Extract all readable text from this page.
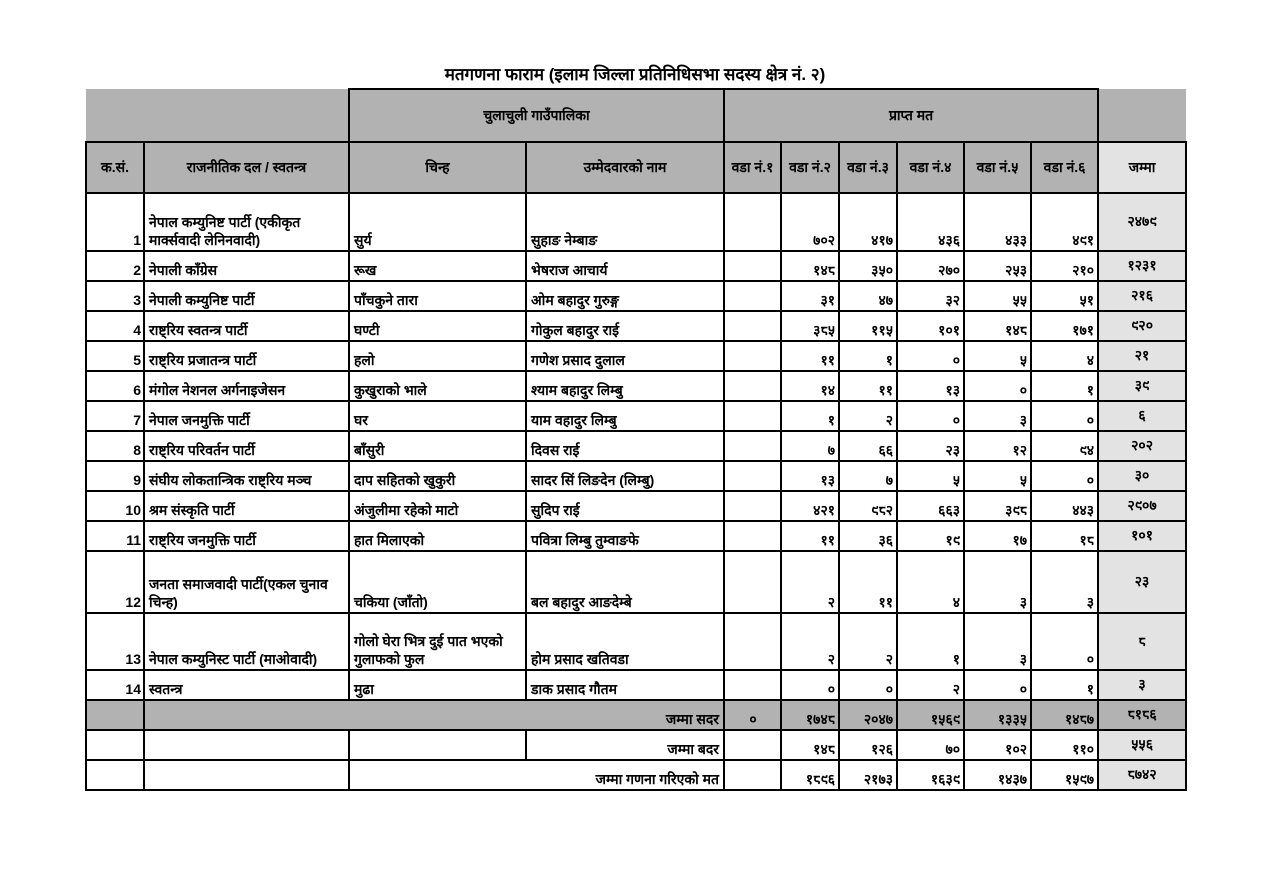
मतगणना फाराम (इलाम जिल्ला प्रतिनिधिसभा सदस्य क्षेत्र नं. २)
		चुलाचुली गाउँपालिका		प्राप्त मत						
क.सं.	राजनीतिक दल / स्वतन्त्र	चिन्ह	उम्मेदवारको नाम	वडा नं.१	वडा नं.२	वडा नं.३	वडा नं.४	वडा नं.५	वडा नं.६	जम्मा
1	नेपाल कम्युनिष्ट पार्टी (एकीकृत मार्क्सवादी लेनिनवादी)	सुर्य	सुहाङ नेम्बाङ		७०२	४१७	४३६	४३३	४९१	२४७९
2	नेपाली काँग्रेस	रूख	भेषराज आचार्य		१४८	३५०	२७०	२५३	२१०	१२३१
3	नेपाली कम्युनिष्ट पार्टी	पाँचकुने तारा	ओम बहादुर गुरुङ्ग		३१	४७	३२	५५	५१	२१६
4	राष्ट्रिय स्वतन्त्र पार्टी	घण्टी	गोकुल बहादुर राई		३८५	११५	१०१	१४८	१७१	९२०
5	राष्ट्रिय प्रजातन्त्र पार्टी	हलो	गणेश प्रसाद दुलाल		११	१	०	५	४	२१
6	मंगोल नेशनल अर्गनाइजेसन	कुखुराको भाले	श्याम बहादुर लिम्बु		१४	११	१३	०	१	३९
7	नेपाल जनमुक्ति पार्टी	घर	याम वहादुर लिम्बु		१	२	०	३	०	६
8	राष्ट्रिय परिवर्तन पार्टी	बाँसुरी	दिवस राई		७	६६	२३	१२	९४	२०२
9	संघीय लोकतान्त्रिक राष्ट्रिय मञ्च	दाप सहितको खुकुरी	सादर सिं लिङदेन (लिम्बु)		१३	७	५	५	०	३०
10	श्रम संस्कृति पार्टी	अंजुलीमा रहेको माटो	सुदिप राई		४२१	९८२	६६३	३९८	४४३	२९०७
11	राष्ट्रिय जनमुक्ति पार्टी	हात मिलाएको	पवित्रा लिम्बु तुम्वाङफे		११	३६	१९	१७	१८	१०१
12	जनता समाजवादी पार्टी(एकल चुनाव चिन्ह)	चकिया (जाँतो)	बल बहादुर आङदेम्बे		२	११	४	३	३	२३
13	नेपाल कम्युनिस्ट पार्टी (माओवादी)	गोलो घेरा भित्र दुई पात भएको गुलाफको फुल	होम प्रसाद खतिवडा		२	२	१	३	०	८
14	स्वतन्त्र	मुढा	डाक प्रसाद गौतम		०	०	२	०	१	३
	जम्मा सदर			०	१७४८	२०४७	१५६९	१३३५	१४८७	८१८६
			जम्मा बदर		१४८	१२६	७०	१०२	११०	५५६
		जम्मा गणना गरिएको मत			१८९६	२१७३	१६३९	१४३७	१५९७	८७४२
